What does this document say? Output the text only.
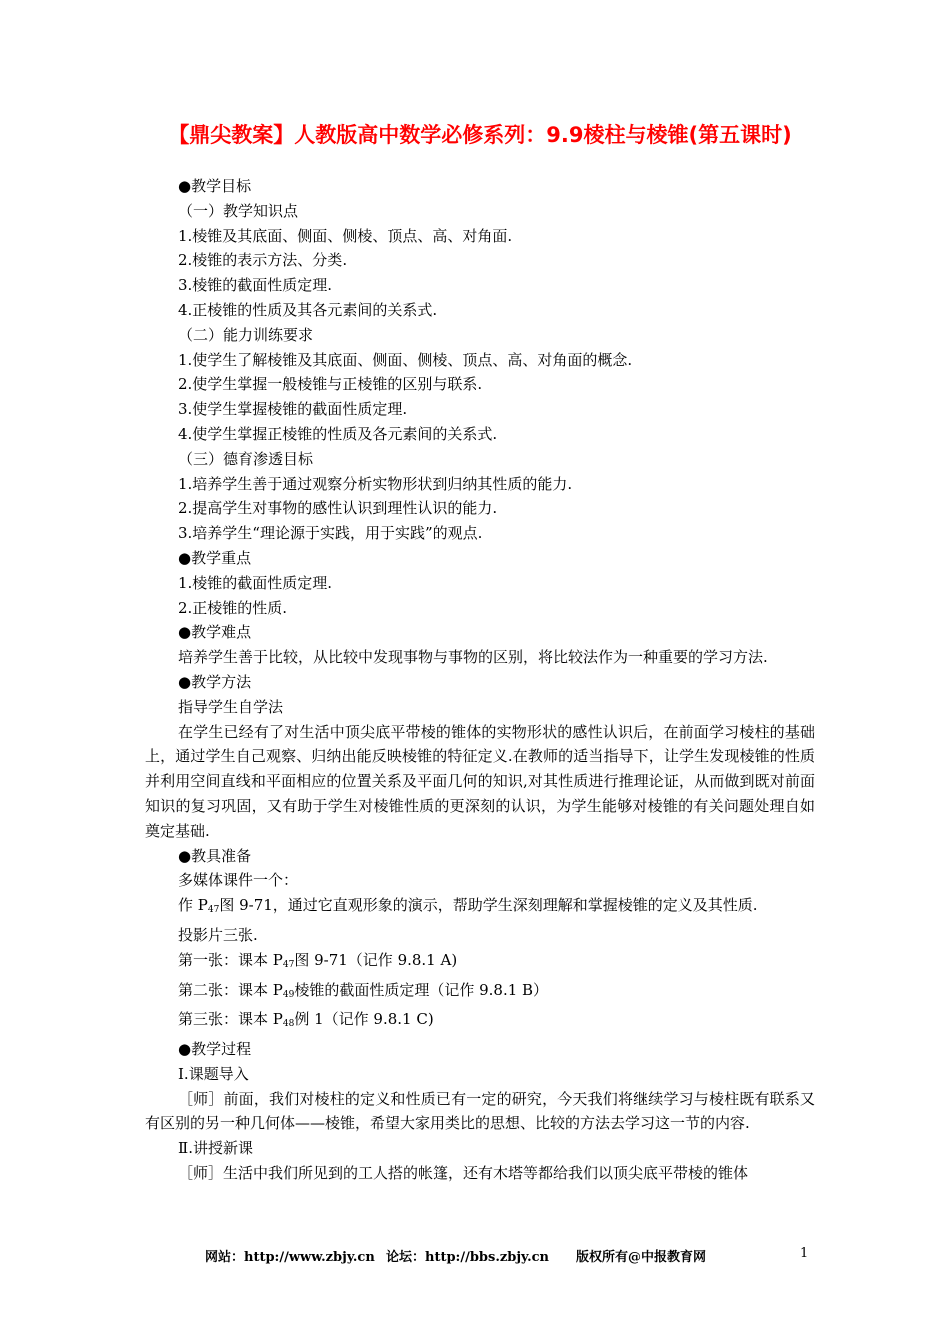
【鼎尖教案】人教版高中数学必修系列：9.9棱柱与棱锥(第五课时)

●教学目标

（一）教学知识点

1.棱锥及其底面、侧面、侧棱、顶点、高、对角面.

2.棱锥的表示方法、分类.

3.棱锥的截面性质定理.

4.正棱锥的性质及其各元素间的关系式.

（二）能力训练要求

1.使学生了解棱锥及其底面、侧面、侧棱、顶点、高、对角面的概念.

2.使学生掌握一般棱锥与正棱锥的区别与联系.

3.使学生掌握棱锥的截面性质定理.

4.使学生掌握正棱锥的性质及各元素间的关系式.

（三）德育渗透目标

1.培养学生善于通过观察分析实物形状到归纳其性质的能力.

2.提高学生对事物的感性认识到理性认识的能力.

3.培养学生“理论源于实践，用于实践”的观点.

●教学重点

1.棱锥的截面性质定理.

2.正棱锥的性质.

●教学难点

培养学生善于比较，从比较中发现事物与事物的区别，将比较法作为一种重要的学习方法.

●教学方法

指导学生自学法

在学生已经有了对生活中顶尖底平带棱的锥体的实物形状的感性认识后，在前面学习棱柱的基础上，通过学生自己观察、归纳出能反映棱锥的特征定义.在教师的适当指导下，让学生发现棱锥的性质并利用空间直线和平面相应的位置关系及平面几何的知识,对其性质进行推理论证，从而做到既对前面知识的复习巩固，又有助于学生对棱锥性质的更深刻的认识，为学生能够对棱锥的有关问题处理自如奠定基础.

●教具准备

多媒体课件一个：

作 $P_{47}$图 9-71，通过它直观形象的演示，帮助学生深刻理解和掌握棱锥的定义及其性质.

投影片三张.

第一张：课本 $P_{47}$图 9-71（记作 9.8.1 A)

第二张：课本 $P_{49}$棱锥的截面性质定理（记作 9.8.1 B）

第三张：课本 $P_{48}$例 1（记作 9.8.1 C)

●教学过程

Ⅰ.课题导入

［师］前面，我们对棱柱的定义和性质已有一定的研究，今天我们将继续学习与棱柱既有联系又有区别的另一种几何体——棱锥，希望大家用类比的思想、比较的方法去学习这一节的内容.

Ⅱ.讲授新课

［师］生活中我们所见到的工人搭的帐篷，还有木塔等都给我们以顶尖底平带棱的锥体

网站：http://www.zbjy.cn 论坛：http://bbs.zbjy.cn 版权所有@中报教育网	1
